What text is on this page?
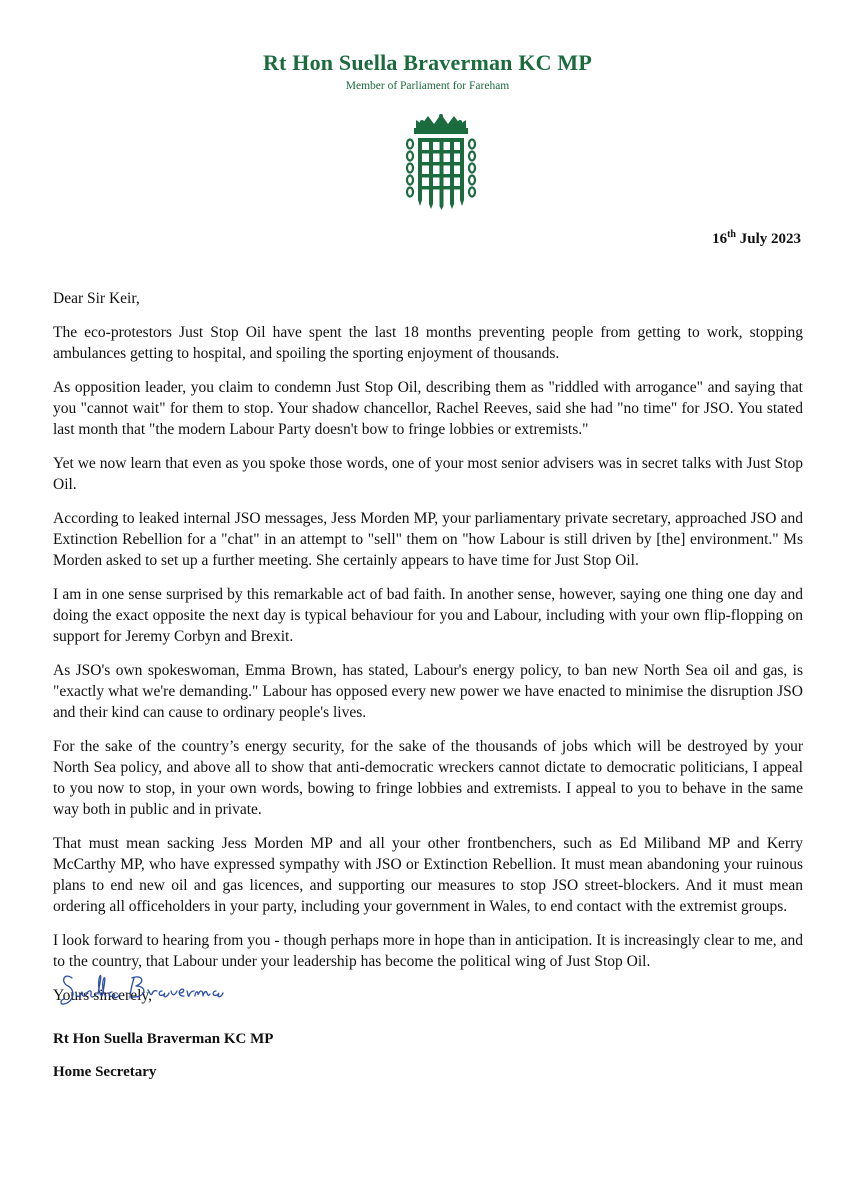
Rt Hon Suella Braverman KC MP
Member of Parliament for Fareham
16th July 2023

Dear Sir Keir,

The eco-protestors Just Stop Oil have spent the last 18 months preventing people from getting to work, stopping ambulances getting to hospital, and spoiling the sporting enjoyment of thousands.

As opposition leader, you claim to condemn Just Stop Oil, describing them as "riddled with arrogance" and saying that you "cannot wait" for them to stop. Your shadow chancellor, Rachel Reeves, said she had "no time" for JSO. You stated last month that "the modern Labour Party doesn't bow to fringe lobbies or extremists."

Yet we now learn that even as you spoke those words, one of your most senior advisers was in secret talks with Just Stop Oil.

According to leaked internal JSO messages, Jess Morden MP, your parliamentary private secretary, approached JSO and Extinction Rebellion for a "chat" in an attempt to "sell" them on "how Labour is still driven by [the] environment." Ms Morden asked to set up a further meeting. She certainly appears to have time for Just Stop Oil.

I am in one sense surprised by this remarkable act of bad faith. In another sense, however, saying one thing one day and doing the exact opposite the next day is typical behaviour for you and Labour, including with your own flip-flopping on support for Jeremy Corbyn and Brexit.

As JSO's own spokeswoman, Emma Brown, has stated, Labour's energy policy, to ban new North Sea oil and gas, is "exactly what we're demanding." Labour has opposed every new power we have enacted to minimise the disruption JSO and their kind can cause to ordinary people's lives.

For the sake of the country’s energy security, for the sake of the thousands of jobs which will be destroyed by your North Sea policy, and above all to show that anti-democratic wreckers cannot dictate to democratic politicians, I appeal to you now to stop, in your own words, bowing to fringe lobbies and extremists. I appeal to you to behave in the same way both in public and in private.

That must mean sacking Jess Morden MP and all your other frontbenchers, such as Ed Miliband MP and Kerry McCarthy MP, who have expressed sympathy with JSO or Extinction Rebellion. It must mean abandoning your ruinous plans to end new oil and gas licences, and supporting our measures to stop JSO street-blockers. And it must mean ordering all officeholders in your party, including your government in Wales, to end contact with the extremist groups.

I look forward to hearing from you - though perhaps more in hope than in anticipation. It is increasingly clear to me, and to the country, that Labour under your leadership has become the political wing of Just Stop Oil.

Yours sincerely,

Rt Hon Suella Braverman KC MP
Home Secretary
